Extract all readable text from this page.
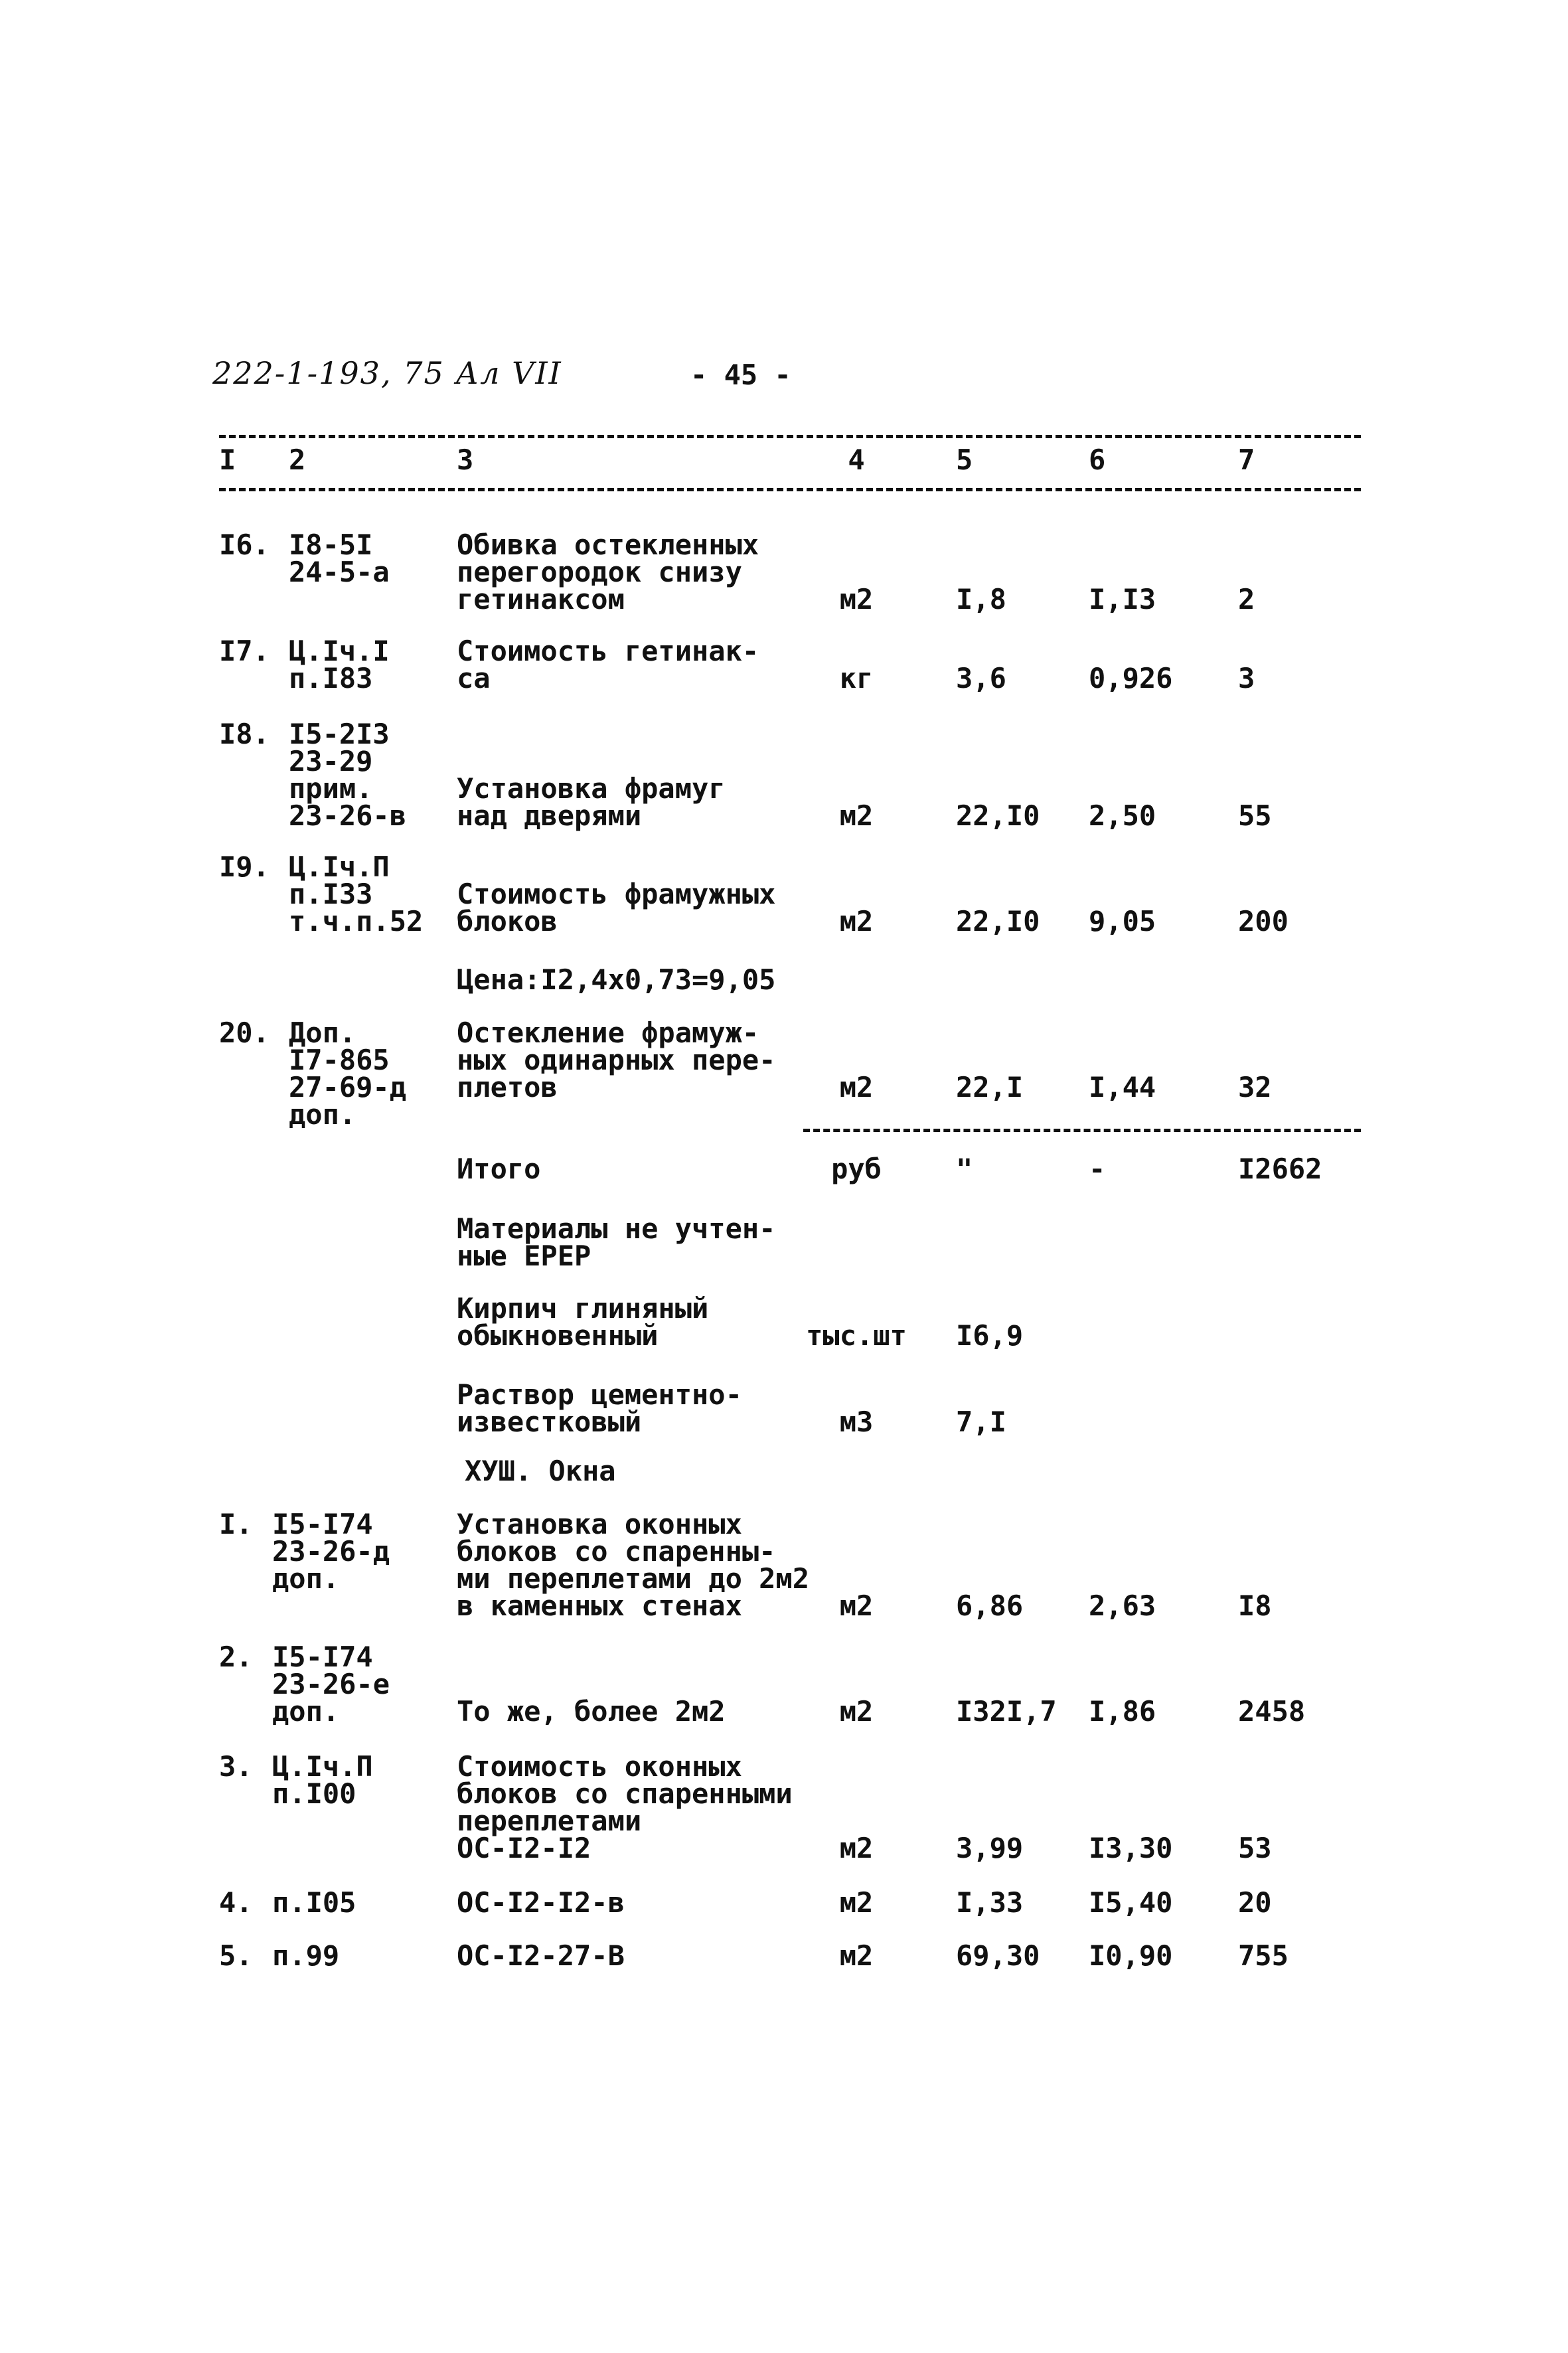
222-1-193, 75 Ал VII	- 45 -
I	2	3	4	5	6	7
I6. I8-5I
24-5-а
Обивка остекленных
перегородок снизу
гетинаксом	м2	I,8	I,I3	2
I7. Ц.Iч.I
п.I83
Стоимость гетинак-
са	кг	3,6	0,926	3
I8. I5-2I3
23-29
прим.
23-26-в
Установка фрамуг
над дверями	м2	22,I0	2,50	55
I9. Ц.Iч.П
п.I33
т.ч.п.52
Стоимость фрамужных
блоков	м2	22,I0	9,05	200
Цена:I2,4x0,73=9,05
20. Доп.
I7-865
27-69-д
доп.
Остекление фрамуж-
ных одинарных пере-
плетов	м2	22,I	I,44	32
Итого	руб	"	-	I2662
Материалы не учтен-
ные ЕРЕР
Кирпич глиняный
обыкновенный	тыс.шт	I6,9
Раствор цементно-
известковый	м3	7,I
ХУШ. Окна
I. I5-I74
23-26-д
доп.
Установка оконных
блоков со спаренны-
ми переплетами до 2м2
в каменных стенах	м2	6,86	2,63	I8
2. I5-I74
23-26-е
доп.	То же, более 2м2	м2	I32I,7	I,86	2458
3. Ц.Iч.П
п.I00
Стоимость оконных
блоков со спаренными
переплетами
ОС-I2-I2	м2	3,99	I3,30	53
4. п.I05	ОС-I2-I2-в	м2	I,33	I5,40	20
5. п.99	ОС-I2-27-В	м2	69,30	I0,90	755
